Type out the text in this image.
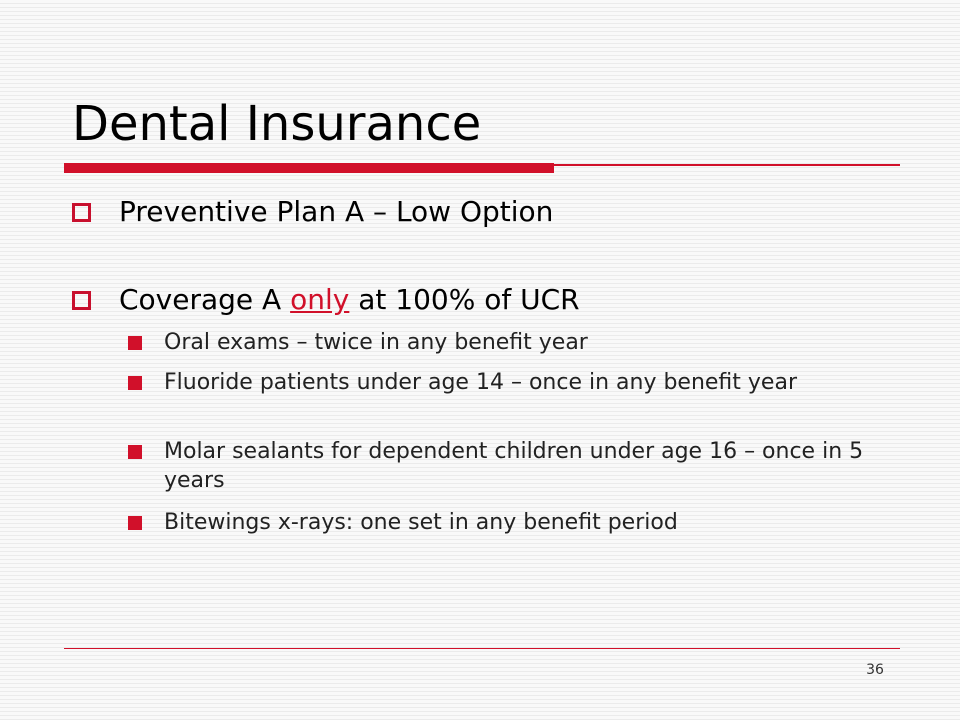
Dental Insurance
Preventive Plan A – Low Option
Coverage A only at 100% of UCR
Oral exams – twice in any benefit year
Fluoride patients under age 14 – once in any benefit year
Molar sealants for dependent children under age 16 – once in 5 years
Bitewings x-rays: one set in any benefit period
36
